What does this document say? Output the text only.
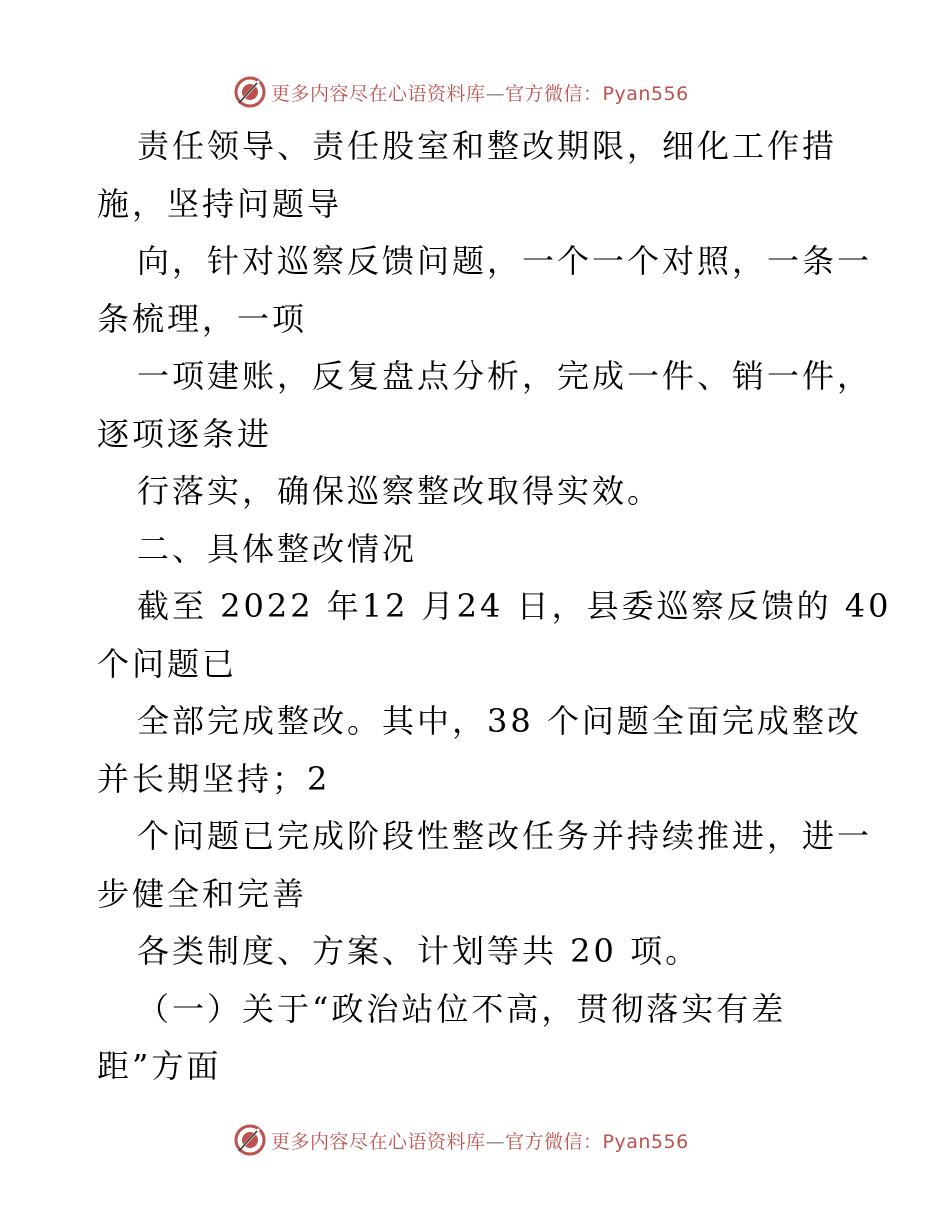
更多内容尽在心语资料库—官方微信：Pyan556
责任领导、责任股室和整改期限，细化工作措
施，坚持问题导
向，针对巡察反馈问题，一个一个对照，一条一
条梳理，一项
一项建账，反复盘点分析，完成一件、销一件，
逐项逐条进
行落实，确保巡察整改取得实效。
二、具体整改情况
截至 2022 年12 月24 日，县委巡察反馈的 40
个问题已
全部完成整改。其中，38 个问题全面完成整改
并长期坚持；2
个问题已完成阶段性整改任务并持续推进，进一
步健全和完善
各类制度、方案、计划等共 20 项。
（一）关于“政治站位不高，贯彻落实有差
距”方面
更多内容尽在心语资料库—官方微信：Pyan556
